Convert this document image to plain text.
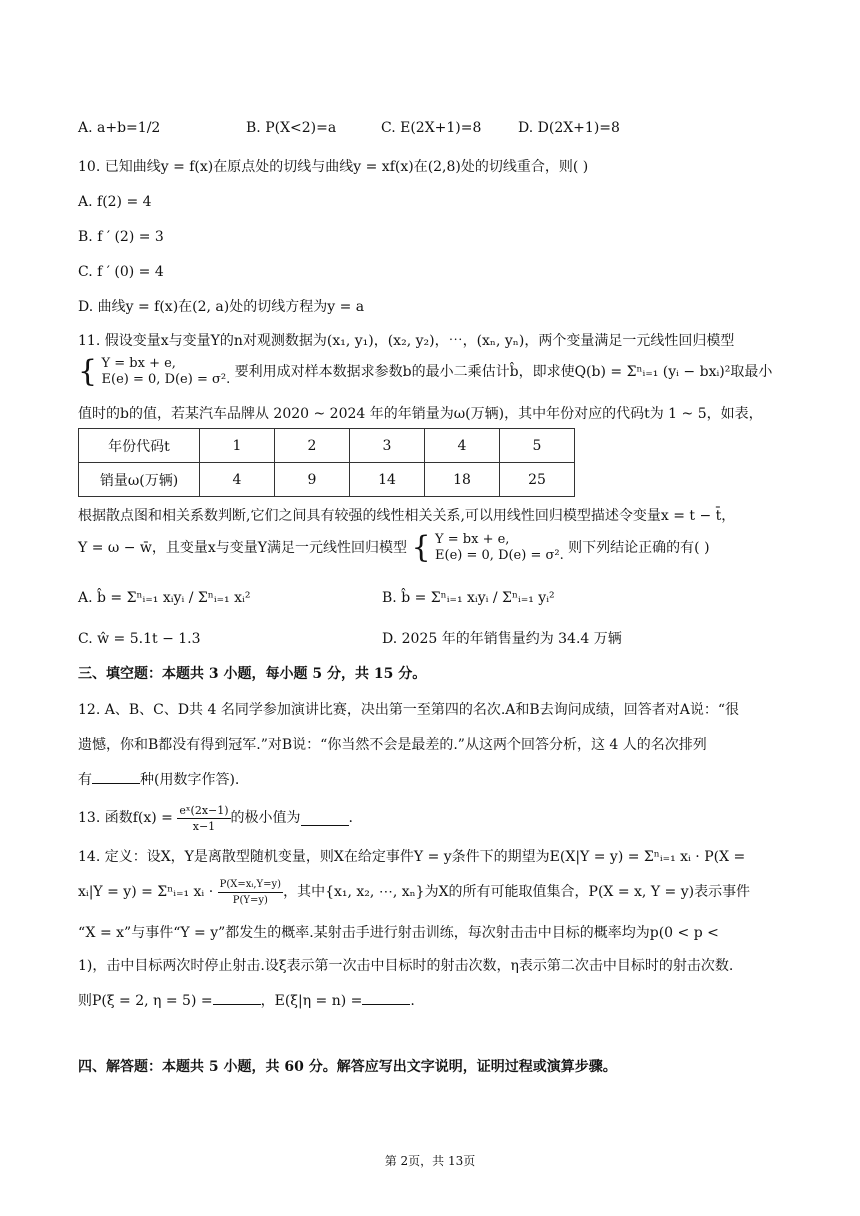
A. a+b=1/2	B. P(X<2)=a	C. E(2X+1)=8	D. D(2X+1)=8
10. 已知曲线y = f(x)在原点处的切线与曲线y = xf(x)在(2,8)处的切线重合，则( )
A. f(2) = 4
B. f ′ (2) = 3
C. f ′ (0) = 4
D. 曲线y = f(x)在(2, a)处的切线方程为y = a
11. 假设变量x与变量Y的n对观测数据为(x₁, y₁)，(x₂, y₂)，⋯，(xₙ, yₙ)，两个变量满足一元线性回归模型
{ Y = bx + e,
E(e) = 0, D(e) = σ². 要利用成对样本数据求参数b的最小二乘估计b̂，即求使Q(b) = Σⁿᵢ₌₁ (yᵢ − bxᵢ)²取最小
值时的b的值，若某汽车品牌从 2020 ~ 2024 年的年销量为ω(万辆)，其中年份对应的代码t为 1 ~ 5，如表，
年份代码t	1	2	3	4	5
销量ω(万辆)	4	9	14	18	25
根据散点图和相关系数判断,它们之间具有较强的线性相关关系,可以用线性回归模型描述令变量x = t − t̄，
Y = ω − w̄，且变量x与变量Y满足一元线性回归模型 { Y = bx + e,
E(e) = 0, D(e) = σ². 则下列结论正确的有( )
A. b̂ = Σⁿᵢ₌₁ xᵢyᵢ / Σⁿᵢ₌₁ xᵢ²	B. b̂ = Σⁿᵢ₌₁ xᵢyᵢ / Σⁿᵢ₌₁ yᵢ²
C. ŵ = 5.1t − 1.3	D. 2025 年的年销售量约为 34.4 万辆
三、填空题：本题共 3 小题，每小题 5 分，共 15 分。
12. A、B、C、D共 4 名同学参加演讲比赛，决出第一至第四的名次.A和B去询问成绩，回答者对A说：“很
遗憾，你和B都没有得到冠军.”对B说：“你当然不会是最差的.”从这两个回答分析，这 4 人的名次排列
有	种(用数字作答).
13. 函数$f(x) = \frac{\text{eˣ(2x−1)}}{x-1}$ 的极小值为	.
14. 定义：设X，Y是离散型随机变量，则X在给定事件Y = y条件下的期望为E(X|Y = y) = Σⁿᵢ₌₁ xᵢ · P(X =
xᵢ|Y = y) = Σⁿᵢ₌₁ xᵢ · $\frac{\text{P(X=xᵢ,Y=y)}}{P(Y=y)}$ ，其中{x₁, x₂, ⋯, xₙ}为X的所有可能取值集合，P(X = x, Y = y)表示事件
“X = x”与事件“Y = y”都发生的概率.某射击手进行射击训练，每次射击击中目标的概率均为p(0 < p <
1)，击中目标两次时停止射击.设ξ表示第一次击中目标时的射击次数，η表示第二次击中目标时的射击次数.
则P(ξ = 2, η = 5) =	，E(ξ|η = n) =	.
四、解答题：本题共 5 小题，共 60 分。解答应写出文字说明，证明过程或演算步骤。
第 2页，共 13页
